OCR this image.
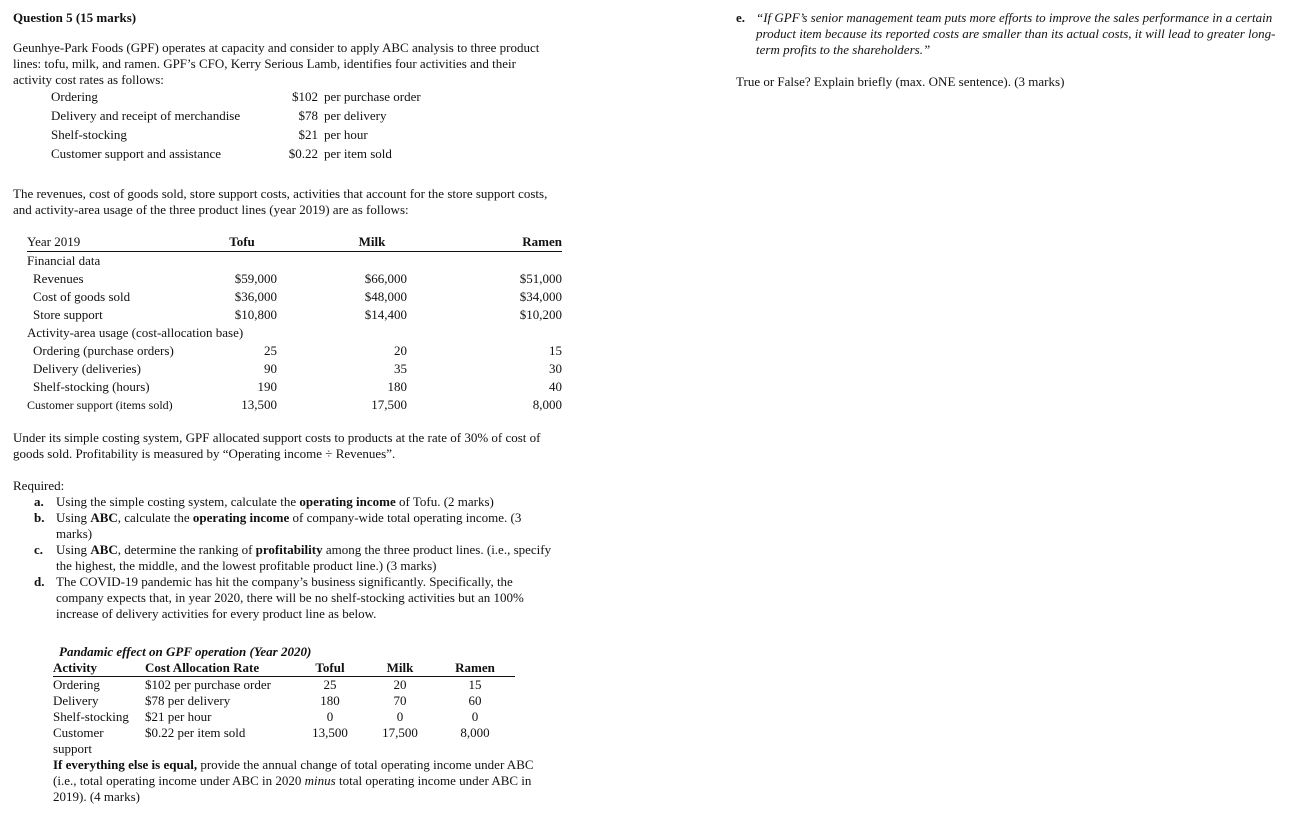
Question 5 (15 marks)

Geunhye-Park Foods (GPF) operates at capacity and consider to apply ABC analysis to three product lines: tofu, milk, and ramen. GPF’s CFO, Kerry Serious Lamb, identifies four activities and their activity cost rates as follows:

Ordering	$102	per purchase order
Delivery and receipt of merchandise	$78	per delivery
Shelf-stocking	$21	per hour
Customer support and assistance	$0.22	per item sold

The revenues, cost of goods sold, store support costs, activities that account for the store support costs, and activity-area usage of the three product lines (year 2019) are as follows:

Year 2019	Tofu	Milk	Ramen
Financial data			
Revenues	$59,000	$66,000	$51,000
Cost of goods sold	$36,000	$48,000	$34,000
Store support	$10,800	$14,400	$10,200
Activity-area usage (cost-allocation base)			
Ordering (purchase orders)	25	20	15
Delivery (deliveries)	90	35	30
Shelf-stocking (hours)	190	180	40
Customer support (items sold)	13,500	17,500	8,000

Under its simple costing system, GPF allocated support costs to products at the rate of 30% of cost of goods sold. Profitability is measured by “Operating income ÷ Revenues”.

Required:
a. Using the simple costing system, calculate the operating income of Tofu. (2 marks)
b. Using ABC, calculate the operating income of company-wide total operating income. (3 marks)
c. Using ABC, determine the ranking of profitability among the three product lines. (i.e., specify the highest, the middle, and the lowest profitable product line.) (3 marks)
d. The COVID-19 pandemic has hit the company’s business significantly. Specifically, the company expects that, in year 2020, there will be no shelf-stocking activities but an 100% increase of delivery activities for every product line as below.
Pandamic effect on GPF operation (Year 2020)
Activity	Cost Allocation Rate	Toful	Milk	Ramen
Ordering	$102 per purchase order	25	20	15
Delivery	$78 per delivery	180	70	60
Shelf-stocking	$21 per hour	0	0	0
Customer	$0.22 per item sold	13,500	17,500	8,000
support
If everything else is equal, provide the annual change of total operating income under ABC (i.e., total operating income under ABC in 2020 minus total operating income under ABC in 2019). (4 marks)
e. “If GPF’s senior management team puts more efforts to improve the sales performance in a certain product item because its reported costs are smaller than its actual costs, it will lead to greater long-term profits to the shareholders.”
True or False? Explain briefly (max. ONE sentence). (3 marks)
